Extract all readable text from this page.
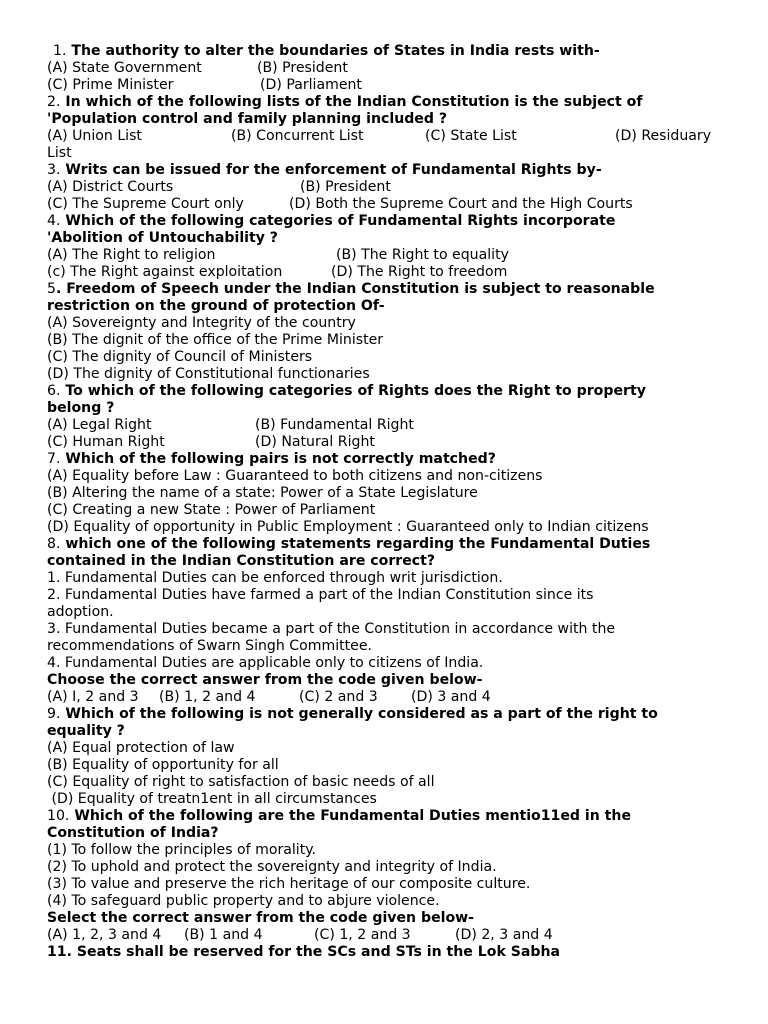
1. The authority to alter the boundaries of States in India rests with-
(A) State Government	(B) President
(C) Prime Minister	(D) Parliament
2. In which of the following lists of the Indian Constitution is the subject of
'Population control and family planning included ?
(A) Union List	(B) Concurrent List	(C) State List	(D) Residuary
List
3. Writs can be issued for the enforcement of Fundamental Rights by-
(A) District Courts	(B) President
(C) The Supreme Court only	(D) Both the Supreme Court and the High Courts
4. Which of the following categories of Fundamental Rights incorporate
'Abolition of Untouchability ?
(A) The Right to religion	(B) The Right to equality
(c) The Right against exploitation	(D) The Right to freedom
5. Freedom of Speech under the Indian Constitution is subject to reasonable
restriction on the ground of protection Of-
(A) Sovereignty and Integrity of the country
(B) The dignit of the office of the Prime Minister
(C) The dignity of Council of Ministers
(D) The dignity of Constitutional functionaries
6. To which of the following categories of Rights does the Right to property
belong ?
(A) Legal Right	(B) Fundamental Right
(C) Human Right	(D) Natural Right
7. Which of the following pairs is not correctly matched?
(A) Equality before Law : Guaranteed to both citizens and non-citizens
(B) Altering the name of a state: Power of a State Legislature
(C) Creating a new State : Power of Parliament
(D) Equality of opportunity in Public Employment : Guaranteed only to Indian citizens
8. which one of the following statements regarding the Fundamental Duties
contained in the Indian Constitution are correct?
1. Fundamental Duties can be enforced through writ jurisdiction.
2. Fundamental Duties have farmed a part of the Indian Constitution since its
adoption.
3. Fundamental Duties became a part of the Constitution in accordance with the
recommendations of Swarn Singh Committee.
4. Fundamental Duties are applicable only to citizens of India.
Choose the correct answer from the code given below-
(A) I, 2 and 3	(B) 1, 2 and 4	(C) 2 and 3	(D) 3 and 4
9. Which of the following is not generally considered as a part of the right to
equality ?
(A) Equal protection of law
(B) Equality of opportunity for all
(C) Equality of right to satisfaction of basic needs of all
(D) Equality of treatn1ent in all circumstances
10. Which of the following are the Fundamental Duties mentio11ed in the
Constitution of India?
(1) To follow the principles of morality.
(2) To uphold and protect the sovereignty and integrity of India.
(3) To value and preserve the rich heritage of our composite culture.
(4) To safeguard public property and to abjure violence.
Select the correct answer from the code given below-
(A) 1, 2, 3 and 4	(B) 1 and 4	(C) 1, 2 and 3	(D) 2, 3 and 4
11. Seats shall be reserved for the SCs and STs in the Lok Sabha
